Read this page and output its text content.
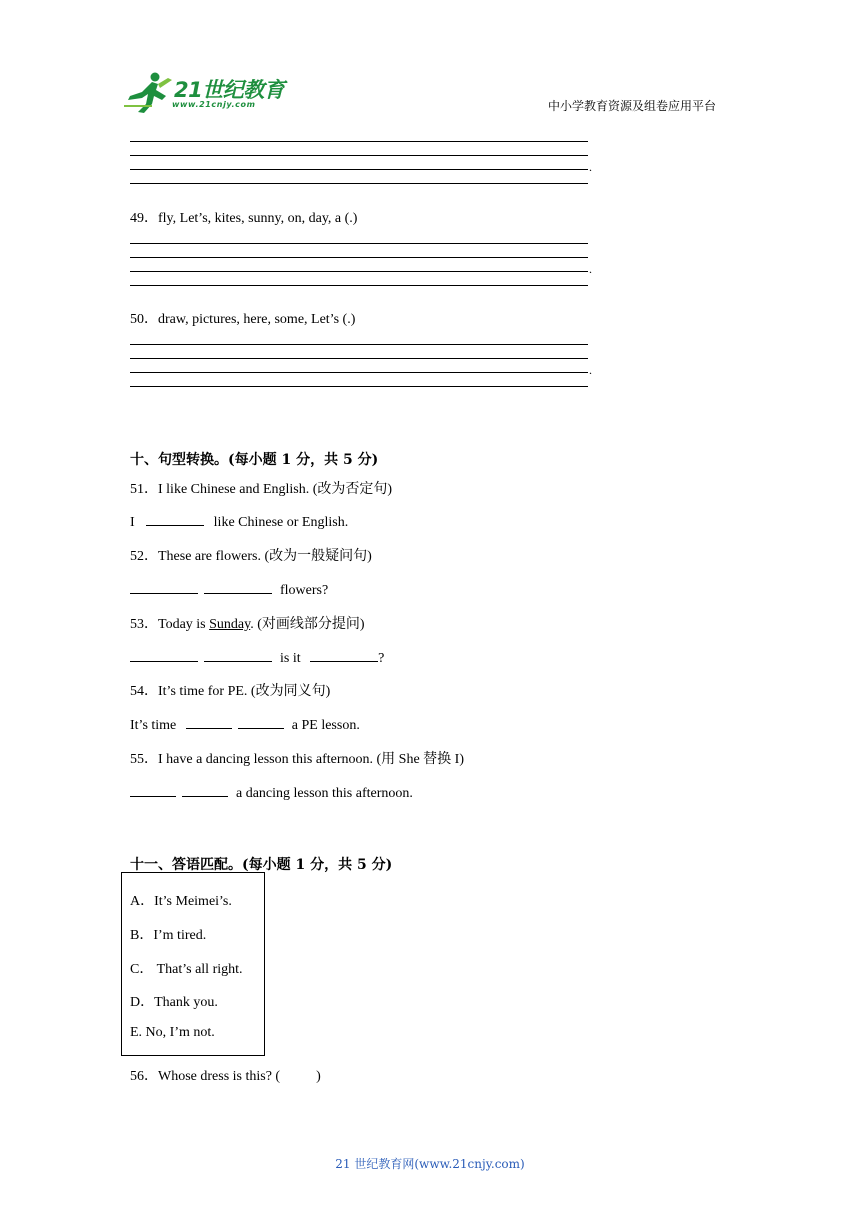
21世纪教育
www.21cnjy.com	中小学教育资源及组卷应用平台
.
49．fly, Let’s, kites, sunny, on, day, a (.)
.
50．draw, pictures, here, some, Let’s (.)
.
十、句型转换。(每小题 1 分，共 5 分)
51．I like Chinese and English. (改为否定句)
I	like Chinese or English.
52．These are flowers. (改为一般疑问句)
flowers?
53．Today is Sunday. (对画线部分提问)
is it	?
54．It’s time for PE. (改为同义句)
It’s time	a PE lesson.
55．I have a dancing lesson this afternoon. (用 She 替换 I)
a dancing lesson this afternoon.
十一、答语匹配。(每小题 1 分，共 5 分)
A．It’s Meimei’s.
B．I’m tired.
C． That’s all right.
D．Thank you.
E. No, I’m not.
56．Whose dress is this? (	)
21 世纪教育网(www.21cnjy.com)
